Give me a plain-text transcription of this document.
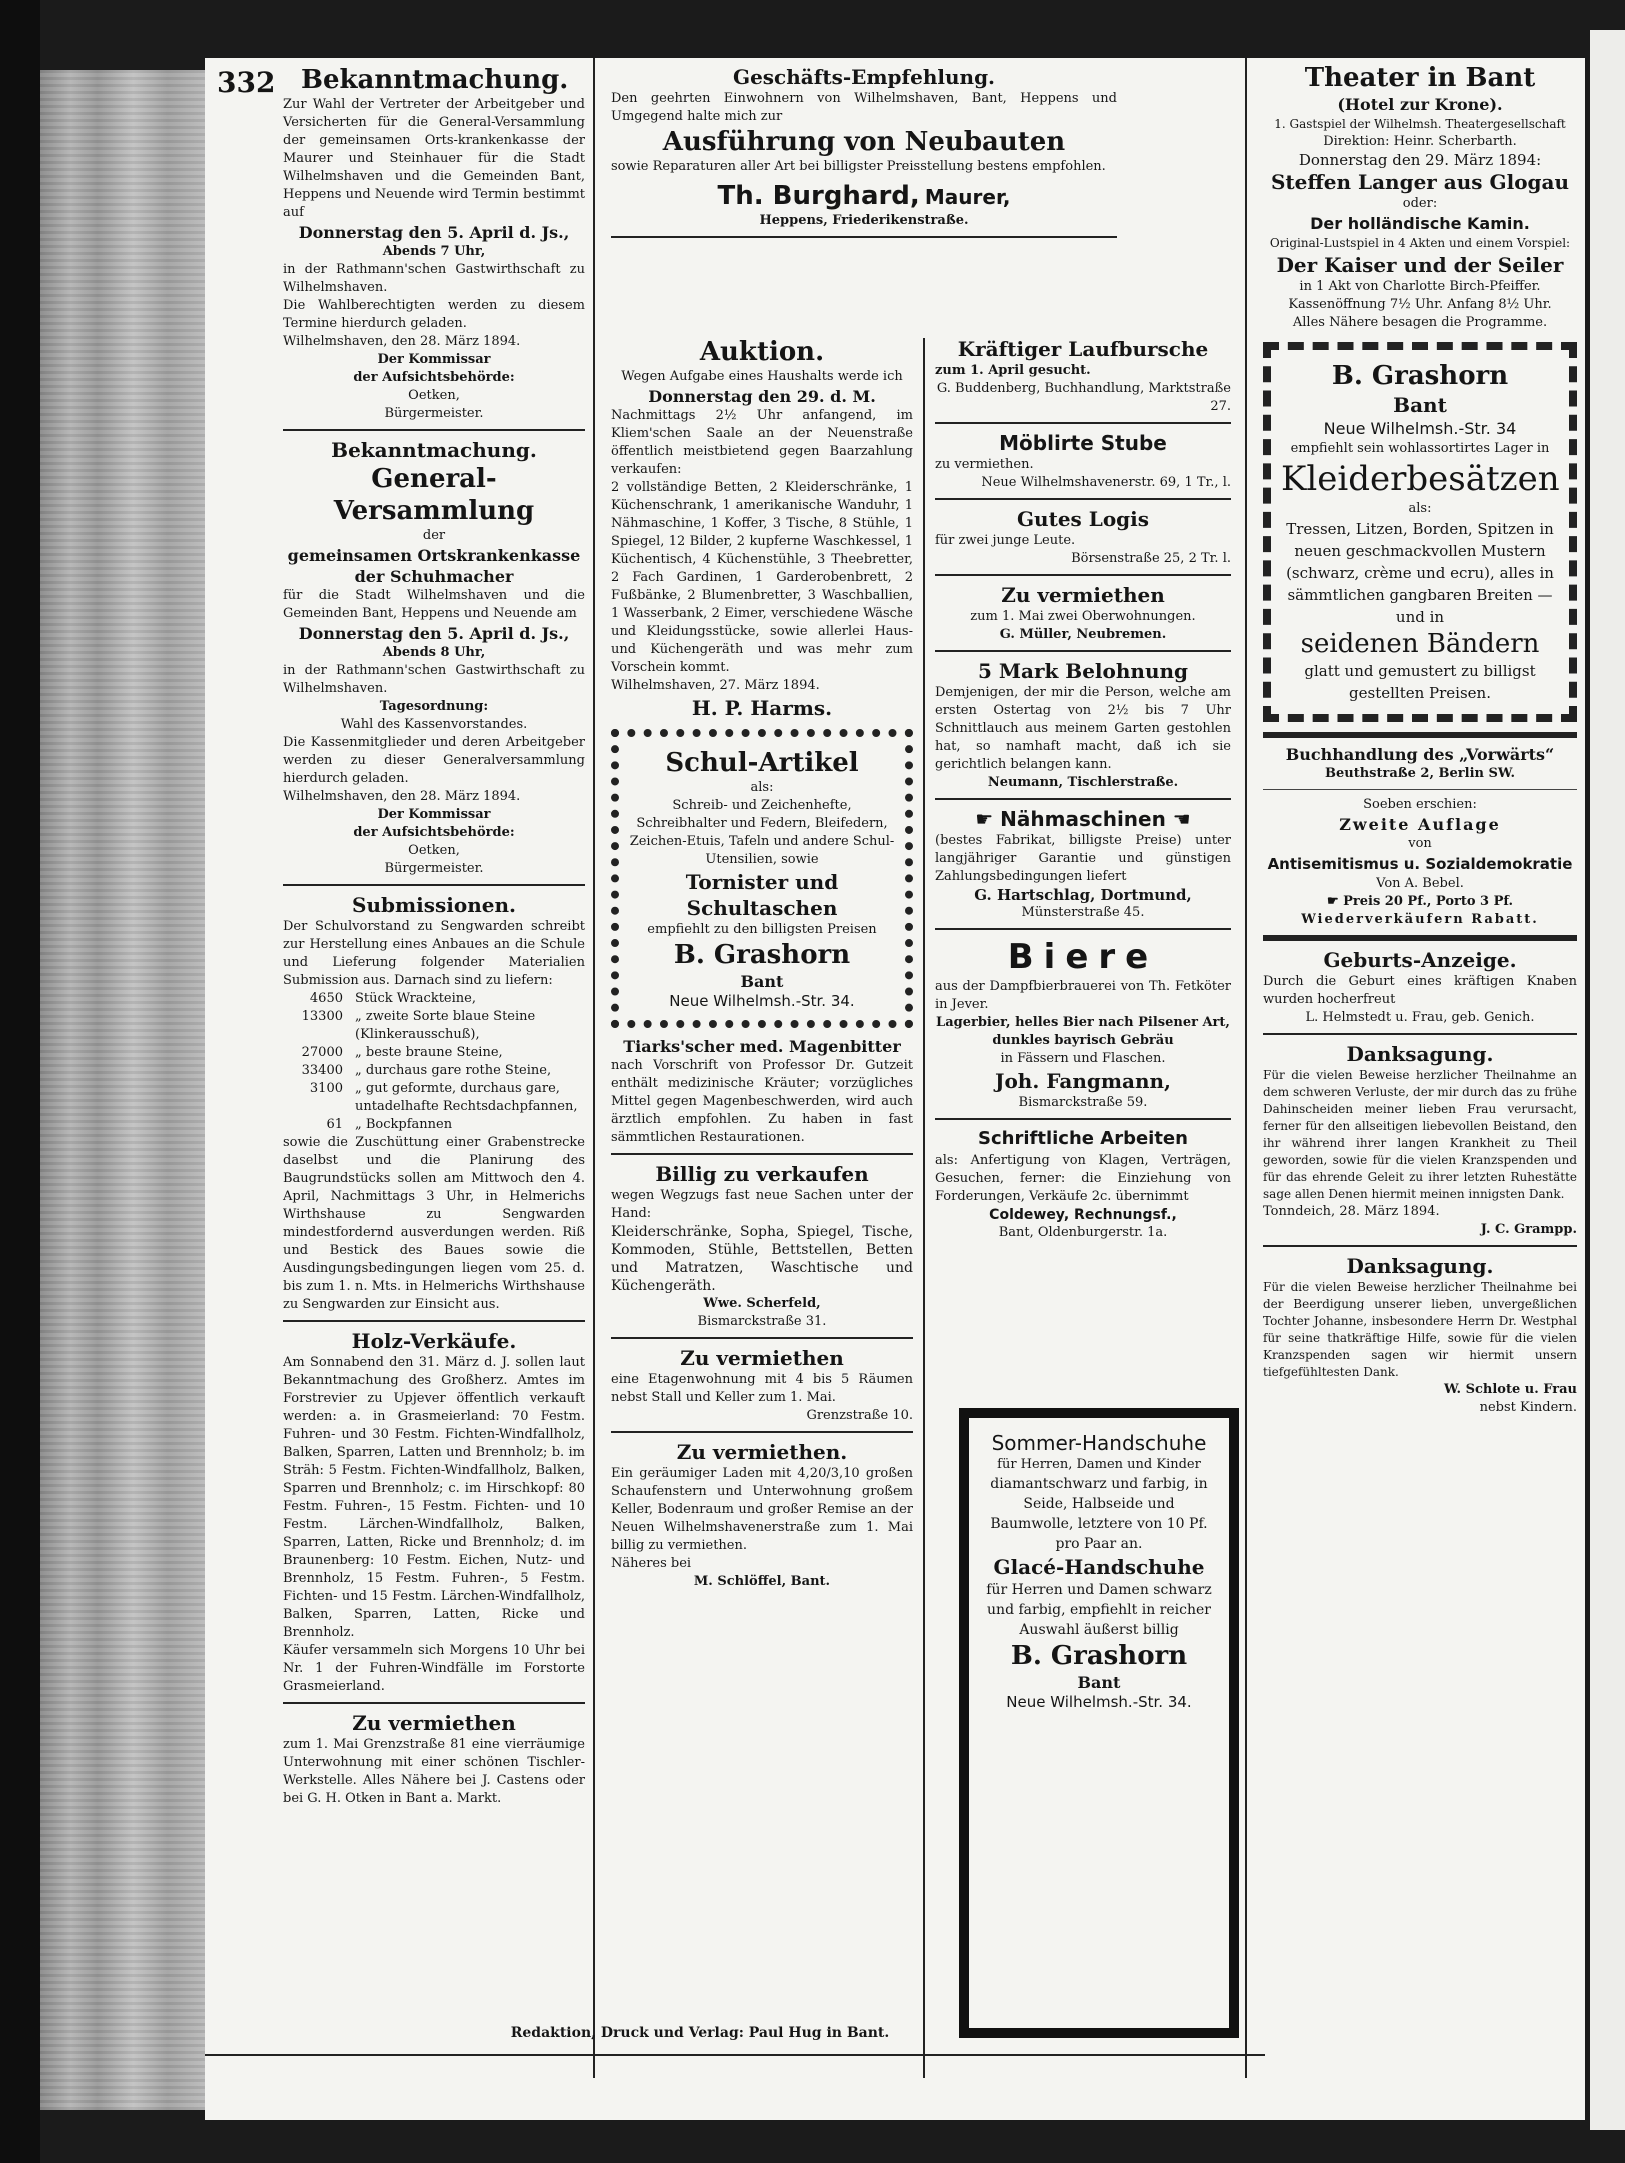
332 Bekanntmachung.

Zur Wahl der Vertreter der Arbeitgeber und Versicherten für die General-Versammlung der gemeinsamen Orts-krankenkasse der Maurer und Steinhauer für die Stadt Wilhelmshaven und die Gemeinden Bant, Heppens und Neuende wird Termin bestimmt auf

Donnerstag den 5. April d. Js.,
Abends 7 Uhr,

in der Rathmann'schen Gastwirthschaft zu Wilhelmshaven.

Die Wahlberechtigten werden zu diesem Termine hierdurch geladen.

Wilhelmshaven, den 28. März 1894.

Der Kommissar
der Aufsichtsbehörde:
Oetken,
Bürgermeister.
Bekanntmachung.
General-Versammlung
der
gemeinsamen Ortskrankenkasse
der Schuhmacher

für die Stadt Wilhelmshaven und die Gemeinden Bant, Heppens und Neuende am

Donnerstag den 5. April d. Js.,
Abends 8 Uhr,

in der Rathmann'schen Gastwirthschaft zu Wilhelmshaven.

Tagesordnung:
Wahl des Kassenvorstandes.

Die Kassenmitglieder und deren Arbeitgeber werden zu dieser Generalversammlung hierdurch geladen.

Wilhelmshaven, den 28. März 1894.

Der Kommissar
der Aufsichtsbehörde:
Oetken,
Bürgermeister.
Submissionen.

Der Schulvorstand zu Sengwarden schreibt zur Herstellung eines Anbaues an die Schule und Lieferung folgender Materialien Submission aus. Darnach sind zu liefern:

4650 Stück Wrackteine,
13300 „ zweite Sorte blaue Steine (Klinkerausschuß),
27000 „ beste braune Steine,
33400 „ durchaus gare rothe Steine,
3100 „ gut geformte, durchaus gare, untadelhafte Rechtsdachpfannen,
61 „ Bockpfannen

sowie die Zuschüttung einer Grabenstrecke daselbst und die Planirung des Baugrundstücks sollen am Mittwoch den 4. April, Nachmittags 3 Uhr, in Helmerichs Wirthshause zu Sengwarden mindestfordernd ausverdungen werden. Riß und Bestick des Baues sowie die Ausdingungsbedingungen liegen vom 25. d. bis zum 1. n. Mts. in Helmerichs Wirthshause zu Sengwarden zur Einsicht aus.

Holz-Verkäufe.

Am Sonnabend den 31. März d. J. sollen laut Bekanntmachung des Großherz. Amtes im Forstrevier zu Upjever öffentlich verkauft werden: a. in Grasmeierland: 70 Festm. Fuhren- und 30 Festm. Fichten-Windfallholz, Balken, Sparren, Latten und Brennholz; b. im Sträh: 5 Festm. Fichten-Windfallholz, Balken, Sparren und Brennholz; c. im Hirschkopf: 80 Festm. Fuhren-, 15 Festm. Fichten- und 10 Festm. Lärchen-Windfallholz, Balken, Sparren, Latten, Ricke und Brennholz; d. im Braunenberg: 10 Festm. Eichen, Nutz- und Brennholz, 15 Festm. Fuhren-, 5 Festm. Fichten- und 15 Festm. Lärchen-Windfallholz, Balken, Sparren, Latten, Ricke und Brennholz.

Käufer versammeln sich Morgens 10 Uhr bei Nr. 1 der Fuhren-Windfälle im Forstorte Grasmeierland.

Zu vermiethen

zum 1. Mai Grenzstraße 81 eine vierräumige Unterwohnung mit einer schönen Tischler-Werkstelle. Alles Nähere bei J. Castens oder bei G. H. Otken in Bant a. Markt.

Geschäfts-Empfehlung.

Den geehrten Einwohnern von Wilhelmshaven, Bant, Heppens und Umgegend halte mich zur

Ausführung von Neubauten

sowie Reparaturen aller Art bei billigster Preisstellung bestens empfohlen.

Th. Burghard, Maurer,
Heppens, Friederikenstraße.
Auktion.

Wegen Aufgabe eines Haushalts werde ich

Donnerstag den 29. d. M.

Nachmittags 2½ Uhr anfangend, im Kliem'schen Saale an der Neuenstraße öffentlich meistbietend gegen Baarzahlung verkaufen:

2 vollständige Betten, 2 Kleiderschränke, 1 Küchenschrank, 1 amerikanische Wanduhr, 1 Nähmaschine, 1 Koffer, 3 Tische, 8 Stühle, 1 Spiegel, 12 Bilder, 2 kupferne Waschkessel, 1 Küchentisch, 4 Küchenstühle, 3 Theebretter, 2 Fach Gardinen, 1 Garderobenbrett, 2 Fußbänke, 2 Blumenbretter, 3 Waschballien, 1 Wasserbank, 2 Eimer, verschiedene Wäsche und Kleidungsstücke, sowie allerlei Haus- und Küchengeräth und was mehr zum Vorschein kommt.

Wilhelmshaven, 27. März 1894.

H. P. Harms.
Schul-Artikel
als:

Schreib- und Zeichenhefte, Schreibhalter und Federn, Bleifedern, Zeichen-Etuis, Tafeln und andere Schul-Utensilien, sowie

Tornister und Schultaschen

empfiehlt zu den billigsten Preisen

B. Grashorn
Bant
Neue Wilhelmsh.-Str. 34.
Tiarks'scher med. Magenbitter

nach Vorschrift von Professor Dr. Gutzeit enthält medizinische Kräuter; vorzügliches Mittel gegen Magenbeschwerden, wird auch ärztlich empfohlen. Zu haben in fast sämmtlichen Restaurationen.

Billig zu verkaufen

wegen Wegzugs fast neue Sachen unter der Hand:

Kleiderschränke, Sopha, Spiegel, Tische, Kommoden, Stühle, Bettstellen, Betten und Matratzen, Waschtische und Küchengeräth.

Wwe. Scherfeld,
Bismarckstraße 31.
Zu vermiethen

eine Etagenwohnung mit 4 bis 5 Räumen nebst Stall und Keller zum 1. Mai.

Grenzstraße 10.
Zu vermiethen.

Ein geräumiger Laden mit 4,20/3,10 großen Schaufenstern und Unterwohnung großem Keller, Bodenraum und großer Remise an der Neuen Wilhelmshavenerstraße zum 1. Mai billig zu vermiethen.

Näheres bei
M. Schlöffel, Bant.
Kräftiger Laufbursche
zum 1. April gesucht.
G. Buddenberg, Buchhandlung, Marktstraße 27.
Möblirte Stube
zu vermiethen.
Neue Wilhelmshavenerstr. 69, 1 Tr., l.
Gutes Logis
für zwei junge Leute.
Börsenstraße 25, 2 Tr. l.
Zu vermiethen
zum 1. Mai zwei Oberwohnungen.
G. Müller, Neubremen.
5 Mark Belohnung

Demjenigen, der mir die Person, welche am ersten Ostertag von 2½ bis 7 Uhr Schnittlauch aus meinem Garten gestohlen hat, so namhaft macht, daß ich sie gerichtlich belangen kann.

Neumann, Tischlerstraße.
☛ Nähmaschinen ☚

(bestes Fabrikat, billigste Preise) unter langjähriger Garantie und günstigen Zahlungsbedingungen liefert

G. Hartschlag, Dortmund,
Münsterstraße 45.
Biere

aus der Dampfbierbrauerei von Th. Fetköter in Jever.

Lagerbier, helles Bier nach Pilsener Art, dunkles bayrisch Gebräu

in Fässern und Flaschen.
Joh. Fangmann,
Bismarckstraße 59.
Schriftliche Arbeiten

als: Anfertigung von Klagen, Verträgen, Gesuchen, ferner: die Einziehung von Forderungen, Verkäufe 2c. übernimmt

Coldewey, Rechnungsf.,
Bant, Oldenburgerstr. 1a.
Sommer-Handschuhe
für Herren, Damen und Kinder

diamantschwarz und farbig, in Seide, Halbseide und Baumwolle, letztere von 10 Pf. pro Paar an.

Glacé-Handschuhe

für Herren und Damen schwarz und farbig, empfiehlt in reicher Auswahl äußerst billig

B. Grashorn
Bant
Neue Wilhelmsh.-Str. 34.
Theater in Bant
(Hotel zur Krone).
1. Gastspiel der Wilhelmsh. Theatergesellschaft
Direktion: Heinr. Scherbarth.
Donnerstag den 29. März 1894:
Steffen Langer aus Glogau
oder:
Der holländische Kamin.
Original-Lustspiel in 4 Akten und einem Vorspiel:
Der Kaiser und der Seiler
in 1 Akt von Charlotte Birch-Pfeiffer.
Kassenöffnung 7½ Uhr. Anfang 8½ Uhr.
Alles Nähere besagen die Programme.
B. Grashorn
Bant
Neue Wilhelmsh.-Str. 34

empfiehlt sein wohlassortirtes Lager in

Kleiderbesätzen
als:

Tressen, Litzen, Borden, Spitzen in neuen geschmackvollen Mustern (schwarz, crème und ecru), alles in sämmtlichen gangbaren Breiten — und in

seidenen Bändern

glatt und gemustert zu billigst gestellten Preisen.

Buchhandlung des „Vorwärts“
Beuthstraße 2, Berlin SW.
Soeben erschien:
Zweite Auflage
von
Antisemitismus u. Sozialdemokratie
Von A. Bebel.
☛ Preis 20 Pf., Porto 3 Pf.
Wiederverkäufern Rabatt.
Geburts-Anzeige.

Durch die Geburt eines kräftigen Knaben wurden hocherfreut

L. Helmstedt u. Frau, geb. Genich.
Danksagung.

Für die vielen Beweise herzlicher Theilnahme an dem schweren Verluste, der mir durch das zu frühe Dahinscheiden meiner lieben Frau verursacht, ferner für den allseitigen liebevollen Beistand, den ihr während ihrer langen Krankheit zu Theil geworden, sowie für die vielen Kranzspenden und für das ehrende Geleit zu ihrer letzten Ruhestätte sage allen Denen hiermit meinen innigsten Dank.

Tonndeich, 28. März 1894.
J. C. Grampp.
Danksagung.

Für die vielen Beweise herzlicher Theilnahme bei der Beerdigung unserer lieben, unvergeßlichen Tochter Johanne, insbesondere Herrn Dr. Westphal für seine thatkräftige Hilfe, sowie für die vielen Kranzspenden sagen wir hiermit unsern tiefgefühltesten Dank.

W. Schlote u. Frau
nebst Kindern.
Redaktion, Druck und Verlag: Paul Hug in Bant.
